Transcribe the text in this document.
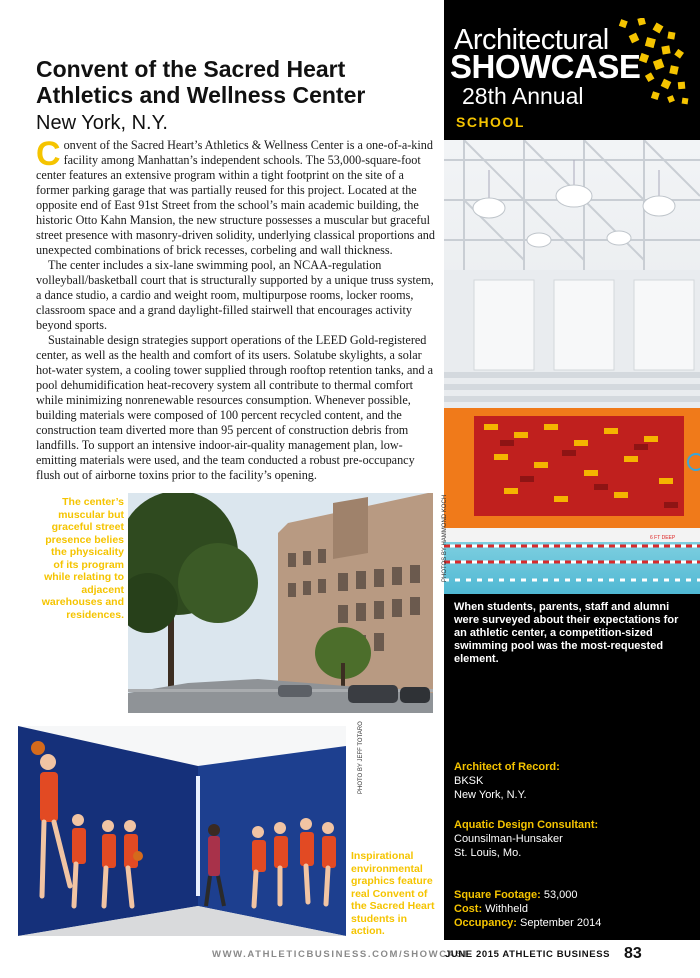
Architectural
SHOWCASE
28th Annual
SCHOOL
6 FT DEEP
PHOTOS BY HAMMOND KOCH
When students, parents, staff and alumni were surveyed about their expectations for an athletic center, a competition-sized swimming pool was the most-requested element.
Architect of Record:
BKSK
New York, N.Y.
Aquatic Design Consultant:
Counsilman-Hunsaker
St. Louis, Mo.
Square Footage: 53,000
Cost: Withheld
Occupancy: September 2014
Convent of the Sacred Heart
Athletics and Wellness Center
New York, N.Y.

Convent of the Sacred Heart’s Athletics & Wellness Center is a one-of-a-kind facility among Manhattan’s independent schools. The 53,000-square-foot center features an extensive program within a tight footprint on the site of a former parking garage that was partially reused for this project. Located at the opposite end of East 91st Street from the school’s main academic building, the historic Otto Kahn Mansion, the new structure possesses a muscular but graceful street presence with masonry-driven solidity, underlying classical proportions and unexpected combinations of brick recesses, corbeling and wall thickness.

The center includes a six-lane swimming pool, an NCAA-regulation volleyball/basketball court that is structurally supported by a unique truss system, a dance studio, a cardio and weight room, multipurpose rooms, locker rooms, classroom space and a grand daylight-filled stairwell that encourages activity beyond sports.

Sustainable design strategies support operations of the LEED Gold-registered center, as well as the health and comfort of its users. Solatube skylights, a solar hot-water system, a cooling tower supplied through rooftop retention tanks, and a pool dehumidification heat-recovery system all contribute to thermal comfort while minimizing nonrenewable resources consumption. Whenever possible, building materials were composed of 100 percent recycled content, and the construction team diverted more than 95 percent of construction debris from landfills. To support an intensive indoor-air-quality management plan, low-emitting materials were used, and the team conducted a robust pre-occupancy flush out of airborne toxins prior to the facility’s opening.

The center’s muscular but graceful street presence belies the physicality of its program while relating to adjacent warehouses and residences.
PHOTO BY JEFF TOTARO
Inspirational environmental graphics feature real Convent of the Sacred Heart students in action.
WWW.ATHLETICBUSINESS.COM/SHOWCASE
JUNE 2015 ATHLETIC BUSINESS 83
